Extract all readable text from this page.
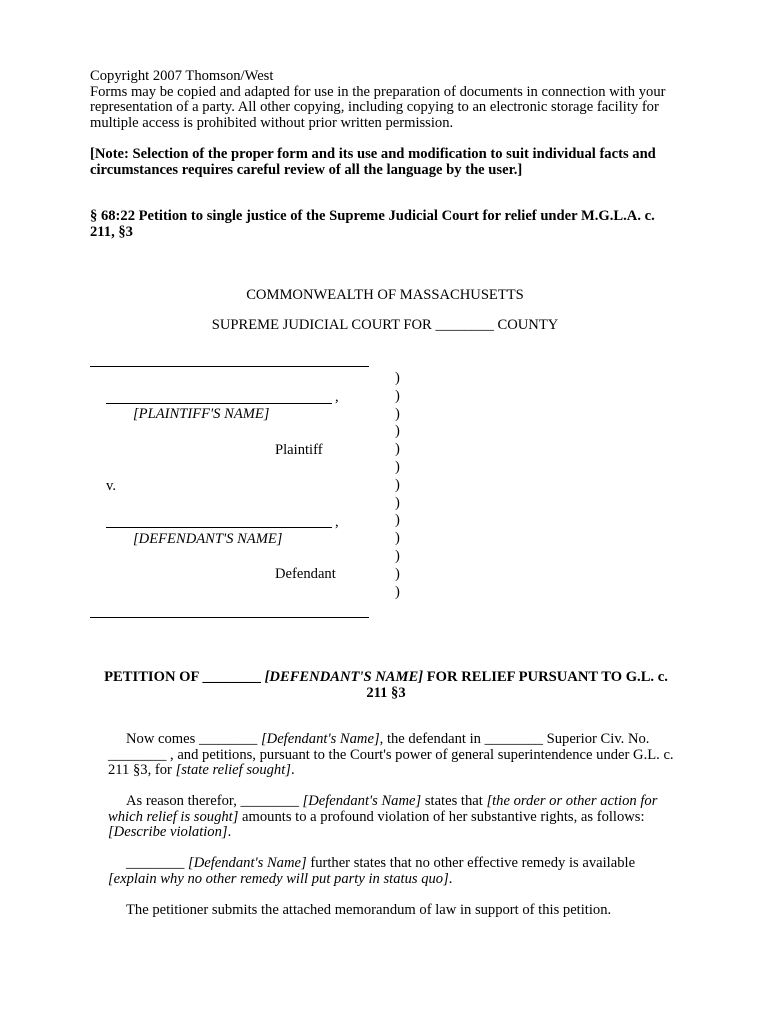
Copyright 2007 Thomson/West
Forms may be copied and adapted for use in the preparation of documents in connection with your representation of a party. All other copying, including copying to an electronic storage facility for multiple access is prohibited without prior written permission.
[Note: Selection of the proper form and its use and modification to suit individual facts and circumstances requires careful review of all the language by the user.]
§ 68:22 Petition to single justice of the Supreme Judicial Court for relief under M.G.L.A. c. 211, §3
COMMONWEALTH OF MASSACHUSETTS
SUPREME JUDICIAL COURT FOR ________ COUNTY
,
[PLAINTIFF'S NAME]
Plaintiff
v.
,
[DEFENDANT'S NAME]
Defendant
)
)
)
)
)
)
)
)
)
)
)
)
)
PETITION OF ________ [DEFENDANT'S NAME] FOR RELIEF PURSUANT TO G.L. c. 211 §3
Now comes ________ [Defendant's Name], the defendant in ________ Superior Civ. No. ________ , and petitions, pursuant to the Court's power of general superintendence under G.L. c. 211 §3, for [state relief sought].
As reason therefor, ________ [Defendant's Name] states that [the order or other action for which relief is sought] amounts to a profound violation of her substantive rights, as follows: [Describe violation].
________ [Defendant's Name] further states that no other effective remedy is available [explain why no other remedy will put party in status quo].
The petitioner submits the attached memorandum of law in support of this petition.
